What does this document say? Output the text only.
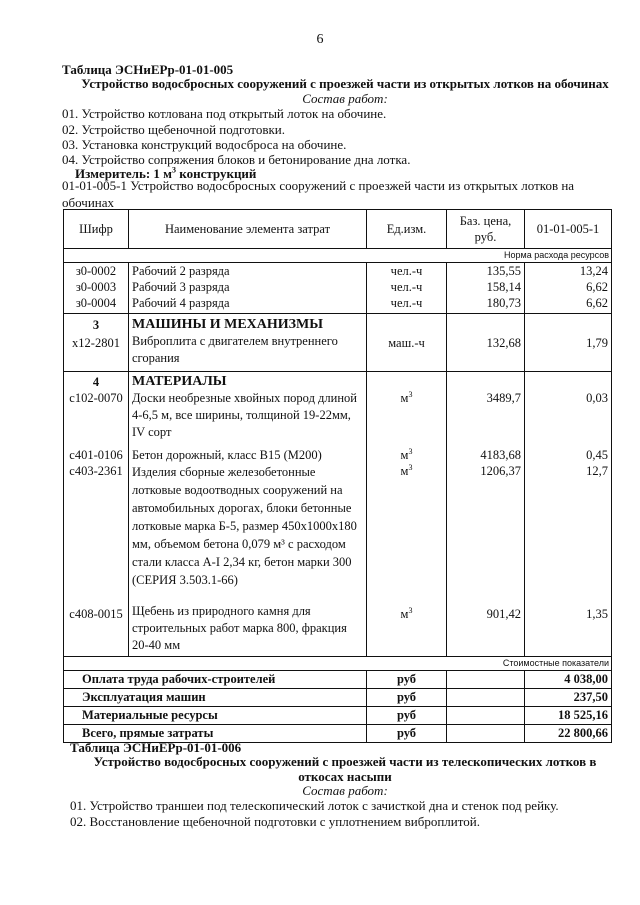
6
Таблица ЭСНиЕРр-01-01-005
Устройство водосбросных сооружений с проезжей части из открытых лотков на обочинах
Состав работ:
01. Устройство котлована под открытый лоток на обочине.
02. Устройство щебеночной подготовки.
03. Установка конструкций водосброса на обочине.
04. Устройство сопряжения блоков и бетонирование дна лотка.
Измеритель: 1 $м^3$ конструкций
01-01-005-1 Устройство водосбросных сооружений с проезжей части из открытых лотков на обочинах
Шифр	Наименование элемента затрат	Ед.изм.	Баз. цена, руб.	01-01-005-1
Норма расхода ресурсов				
з0-0002	Рабочий 2 разряда	чел.-ч	135,55	13,24
з0-0003	Рабочий 3 разряда	чел.-ч	158,14	6,62
з0-0004	Рабочий 4 разряда	чел.-ч	180,73	6,62
3	МАШИНЫ И МЕХАНИЗМЫ			
х12-2801	Виброплита с двигателем внутреннего сгорания	маш.-ч	132,68	1,79
4	МАТЕРИАЛЫ			
с102-0070	Доски необрезные хвойных пород длиной 4-6,5 м, все ширины, толщиной 19-22мм, IV сорт	$м^3$	3489,7	0,03
с401-0106	Бетон дорожный, класс В15 (М200)	$м^3$	4183,68	0,45
с403-2361	Изделия сборные железобетонные лотковые водоотводных сооружений на автомобильных дорогах, блоки бетонные лотковые марка Б-5, размер 450х1000х180 мм, объемом бетона 0,079 м³ с расходом стали класса А-I 2,34 кг, бетон марки 300 (СЕРИЯ 3.503.1-66)	$м^3$	1206,37	12,7
с408-0015	Щебень из природного камня для строительных работ марка 800, фракция 20-40 мм	$м^3$	901,42	1,35
Стоимостные показатели				
Оплата труда рабочих-строителей		руб		4 038,00
Эксплуатация машин		руб		237,50
Материальные ресурсы		руб		18 525,16
Всего, прямые затраты		руб		22 800,66
Таблица ЭСНиЕРр-01-01-006
Устройство водосбросных сооружений с проезжей части из телескопических лотков в
откосах насыпи
Состав работ:
01. Устройство траншеи под телескопический лоток с зачисткой дна и стенок под рейку.
02. Восстановление щебеночной подготовки с уплотнением виброплитой.
